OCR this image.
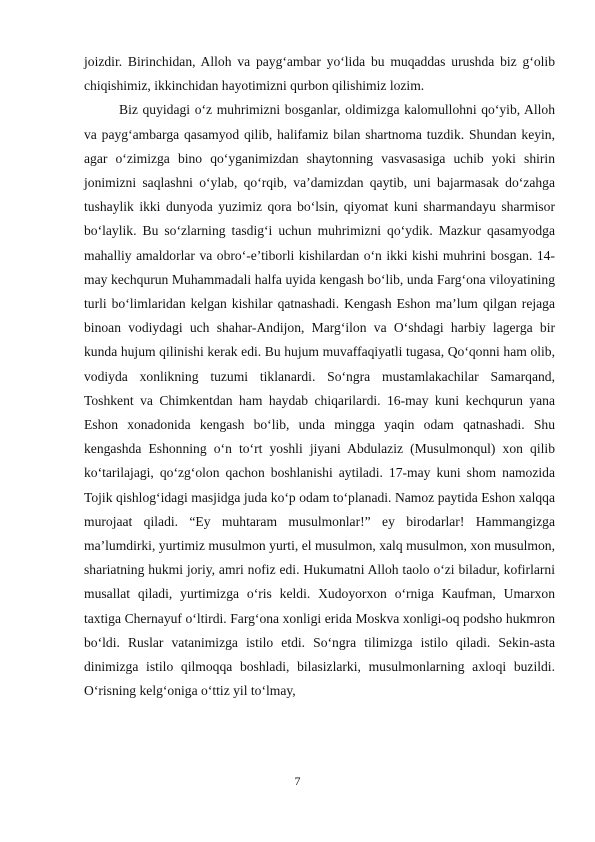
joizdir. Birinchidan, Alloh va payg‘ambar yo‘lida bu muqaddas urushda biz g‘olib chiqishimiz, ikkinchidan hayotimizni qurbon qilishimiz lozim.

Biz quyidagi o‘z muhrimizni bosganlar, oldimizga kalomullohni qo‘yib, Alloh va payg‘ambarga qasamyod qilib, halifamiz bilan shartnoma tuzdik. Shundan keyin, agar o‘zimizga bino qo‘yganimizdan shaytonning vasvasasiga uchib yoki shirin jonimizni saqlashni o‘ylab, qo‘rqib, va’damizdan qaytib, uni bajarmasak do‘zahga tushaylik ikki dunyoda yuzimiz qora bo‘lsin, qiyomat kuni sharmandayu sharmisor bo‘laylik. Bu so‘zlarning tasdig‘i uchun muhrimizni qo‘ydik. Mazkur qasamyodga mahalliy amaldorlar va obro‘-e’tiborli kishilardan o‘n ikki kishi muhrini bosgan. 14-may kechqurun Muhammadali halfa uyida kengash bo‘lib, unda Farg‘ona viloyatining turli bo‘limlaridan kelgan kishilar qatnashadi. Kengash Eshon ma’lum qilgan rejaga binoan vodiydagi uch shahar-Andijon, Marg‘ilon va O‘shdagi harbiy lagerga bir kunda hujum qilinishi kerak edi. Bu hujum muvaffaqiyatli tugasa, Qo‘qonni ham olib, vodiyda xonlikning tuzumi tiklanardi. So‘ngra mustamlakachilar Samarqand, Toshkent va Chimkentdan ham haydab chiqarilardi. 16-may kuni kechqurun yana Eshon xonadonida kengash bo‘lib, unda mingga yaqin odam qatnashadi. Shu kengashda Eshonning o‘n to‘rt yoshli jiyani Abdulaziz (Musulmonqul) xon qilib ko‘tarilajagi, qo‘zg‘olon qachon boshlanishi aytiladi. 17-may kuni shom namozida Tojik qishlog‘idagi masjidga juda ko‘p odam to‘planadi. Namoz paytida Eshon xalqqa murojaat qiladi. “Ey muhtaram musulmonlar!” ey birodarlar! Hammangizga ma’lumdirki, yurtimiz musulmon yurti, el musulmon, xalq musulmon, xon musulmon, shariatning hukmi joriy, amri nofiz edi. Hukumatni Alloh taolo o‘zi biladur, kofirlarni musallat qiladi, yurtimizga o‘ris keldi. Xudoyorxon o‘rniga Kaufman, Umarxon taxtiga Chernayuf o‘ltirdi. Farg‘ona xonligi erida Moskva xonligi-oq podsho hukmron bo‘ldi. Ruslar vatanimizga istilo etdi. So‘ngra tilimizga istilo qiladi. Sekin-asta dinimizga istilo qilmoqqa boshladi, bilasizlarki, musulmonlarning axloqi buzildi. O‘risning kelg‘oniga o‘ttiz yil to‘lmay,

7
